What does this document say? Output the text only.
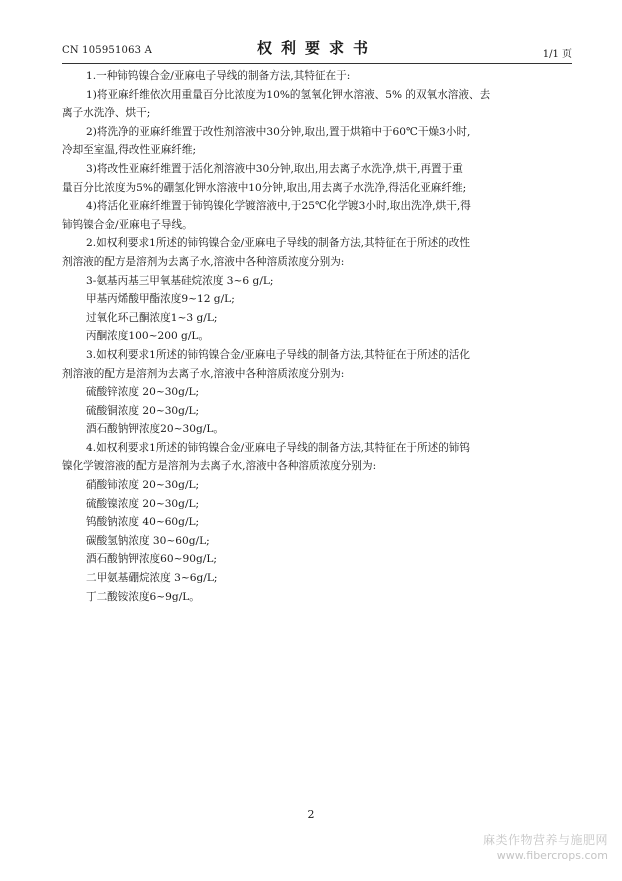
CN 105951063 A	权利要求书	1/1 页
1.一种铈钨镍合金/亚麻电子导线的制备方法,其特征在于:
1)将亚麻纤维依次用重量百分比浓度为10%的氢氧化钾水溶液、5% 的双氧水溶液、去
离子水洗净、烘干;
2)将洗净的亚麻纤维置于改性剂溶液中30分钟,取出,置于烘箱中于60℃干燥3小时,
冷却至室温,得改性亚麻纤维;
3)将改性亚麻纤维置于活化剂溶液中30分钟,取出,用去离子水洗净,烘干,再置于重
量百分比浓度为5%的硼氢化钾水溶液中10分钟,取出,用去离子水洗净,得活化亚麻纤维;
4)将活化亚麻纤维置于铈钨镍化学镀溶液中,于25℃化学镀3小时,取出洗净,烘干,得
铈钨镍合金/亚麻电子导线。
2.如权利要求1所述的铈钨镍合金/亚麻电子导线的制备方法,其特征在于所述的改性
剂溶液的配方是溶剂为去离子水,溶液中各种溶质浓度分别为:
3-氨基丙基三甲氧基硅烷浓度 3~6 g/L;
甲基丙烯酸甲酯浓度9~12 g/L;
过氧化环己酮浓度1~3 g/L;
丙酮浓度100~200 g/L。
3.如权利要求1所述的铈钨镍合金/亚麻电子导线的制备方法,其特征在于所述的活化
剂溶液的配方是溶剂为去离子水,溶液中各种溶质浓度分别为:
硫酸锌浓度 20~30g/L;
硫酸铜浓度 20~30g/L;
酒石酸钠钾浓度20~30g/L。
4.如权利要求1所述的铈钨镍合金/亚麻电子导线的制备方法,其特征在于所述的铈钨
镍化学镀溶液的配方是溶剂为去离子水,溶液中各种溶质浓度分别为:
硝酸铈浓度 20~30g/L;
硫酸镍浓度 20~30g/L;
钨酸钠浓度 40~60g/L;
碳酸氢钠浓度 30~60g/L;
酒石酸钠钾浓度60~90g/L;
二甲氨基硼烷浓度 3~6g/L;
丁二酸铵浓度6~9g/L。
2
麻类作物营养与施肥网
www.fibercrops.com
